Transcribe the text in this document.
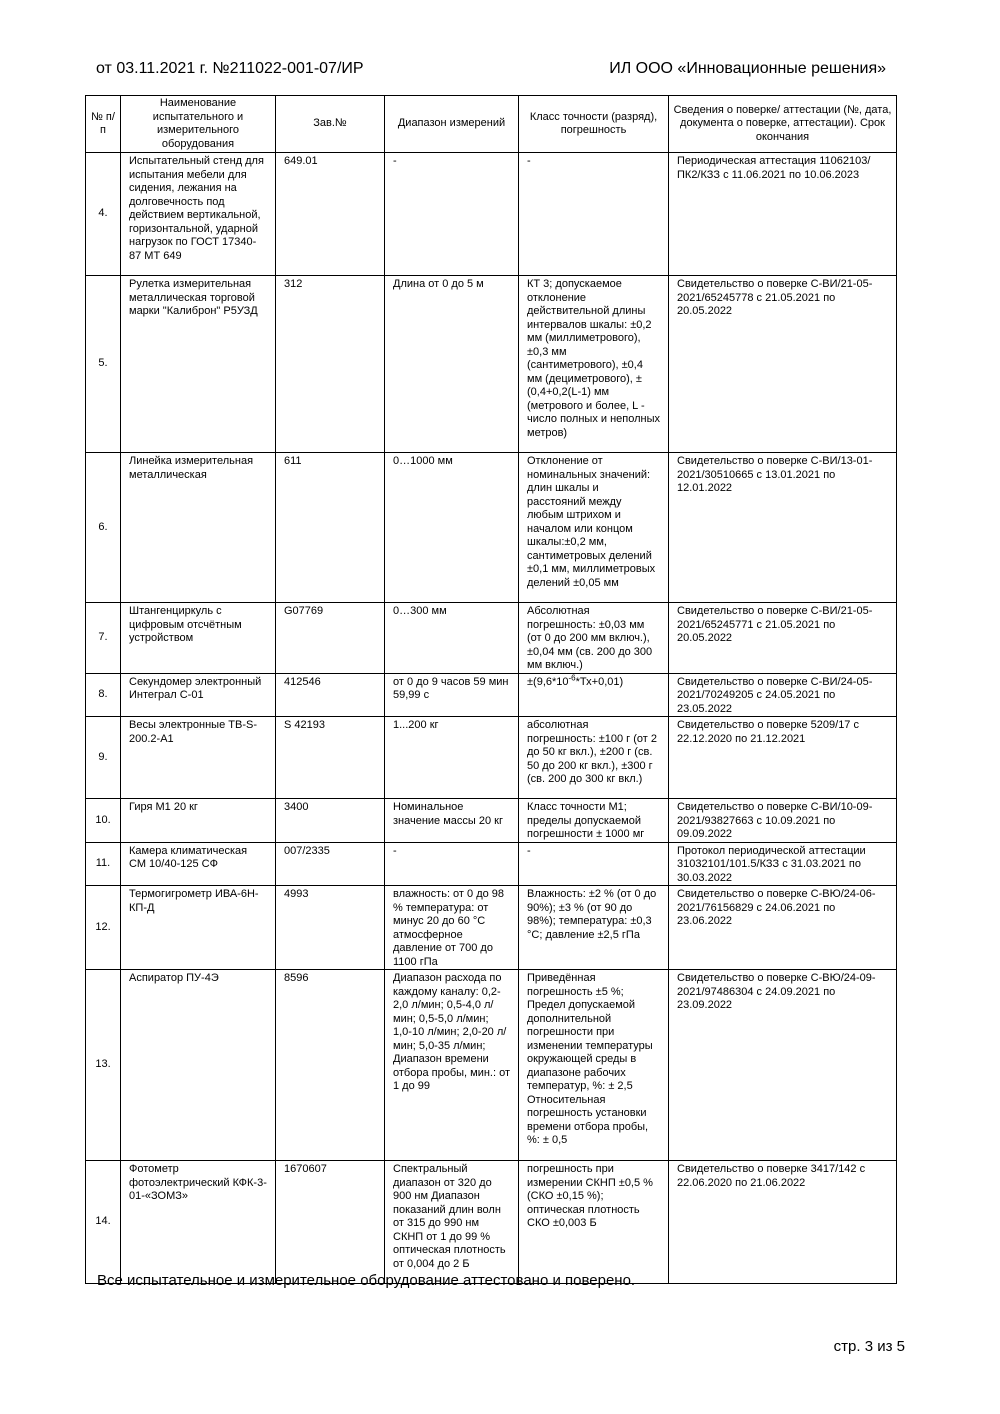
от 03.11.2021 г. №211022-001-07/ИР	ИЛ ООО «Инновационные решения»
№ п/п	Наименование испытательного и измерительного оборудования	Зав.№	Диапазон измерений	Класс точности (разряд), погрешность	Сведения о поверке/ аттестации (№, дата, документа о поверке, аттестации). Срок окончания
4.	Испытательный стенд для испытания мебели для сидения, лежания на долговечность под действием вертикальной, горизонтальной, ударной нагрузок по ГОСТ 17340-87 МТ 649	649.01	-	-	Периодическая аттестация 11062103/ПК2/КЗЗ с 11.06.2021 по 10.06.2023
5.	Рулетка измерительная металлическая торговой марки "Калиброн" Р5УЗД	312	Длина от 0 до 5 м	КТ 3; допускаемое отклонение действительной длины интервалов шкалы: ±0,2 мм (миллиметрового), ±0,3 мм (сантиметрового), ±0,4 мм (дециметрового), ±(0,4+0,2(L-1) мм (метрового и более, L - число полных и неполных метров)	Свидетельство о поверке С-ВИ/21-05-2021/65245778 с 21.05.2021 по 20.05.2022
6.	Линейка измерительная металлическая	611	0…1000 мм	Отклонение от номинальных значений: длин шкалы и расстояний между любым штрихом и началом или концом шкалы:±0,2 мм, сантиметровых делений ±0,1 мм, миллиметровых делений ±0,05 мм	Свидетельство о поверке С-ВИ/13-01-2021/30510665 с 13.01.2021 по 12.01.2022
7.	Штангенциркуль с цифровым отсчётным устройством	G07769	0…300 мм	Абсолютная погрешность: ±0,03 мм (от 0 до 200 мм включ.), ±0,04 мм (св. 200 до 300 мм включ.)	Свидетельство о поверке С-ВИ/21-05-2021/65245771 с 21.05.2021 по 20.05.2022
8.	Секундомер электронный Интеграл С-01	412546	от 0 до 9 часов 59 мин 59,99 с	$\pm(9,6*10^{-6}*Тх+0,01)$	Свидетельство о поверке С-ВИ/24-05-2021/70249205 с 24.05.2021 по 23.05.2022
9.	Весы электронные ТВ-S-200.2-А1	S 42193	1...200 кг	абсолютная погрешность: ±100 г (от 2 до 50 кг вкл.), ±200 г (св. 50 до 200 кг вкл.), ±300 г (св. 200 до 300 кг вкл.)	Свидетельство о поверке 5209/17 с 22.12.2020 по 21.12.2021
10.	Гиря М1 20 кг	3400	Номинальное значение массы 20 кг	Класс точности М1; пределы допускаемой погрешности ± 1000 мг	Свидетельство о поверке С-ВИ/10-09-2021/93827663 с 10.09.2021 по 09.09.2022
11.	Камера климатическая СМ 10/40-125 СФ	007/2335	-	-	Протокол периодической аттестации 31032101/101.5/КЗЗ с 31.03.2021 по 30.03.2022
12.	Термогигрометр ИВА-6Н-КП-Д	4993	влажность: от 0 до 98 % температура: от минус 20 до 60 °С атмосферное давление от 700 до 1100 гПа	Влажность: ±2 % (от 0 до 90%); ±3 % (от 90 до 98%); температура: ±0,3 °С; давление ±2,5 гПа	Свидетельство о поверке С-ВЮ/24-06-2021/76156829 с 24.06.2021 по 23.06.2022
13.	Аспиратор ПУ-4Э	8596	Диапазон расхода по каждому каналу: 0,2-2,0 л/мин; 0,5-4,0 л/мин; 0,5-5,0 л/мин; 1,0-10 л/мин; 2,0-20 л/мин; 5,0-35 л/мин; Диапазон времени отбора пробы, мин.: от 1 до 99	Приведённая погрешность ±5 %; Предел допускаемой дополнительной погрешности при изменении температуры окружающей среды в диапазоне рабочих температур, %: ± 2,5 Относительная погрешность установки времени отбора пробы, %: ± 0,5	Свидетельство о поверке С-ВЮ/24-09-2021/97486304 с 24.09.2021 по 23.09.2022
14.	Фотометр фотоэлектрический КФК-3-01-«ЗОМЗ»	1670607	Спектральный диапазон от 320 до 900 нм Диапазон показаний длин волн от 315 до 990 нм СКНП от 1 до 99 % оптическая плотность от 0,004 до 2 Б	погрешность при измерении СКНП ±0,5 % (СКО ±0,15 %); оптическая плотность СКО ±0,003 Б	Свидетельство о поверке 3417/142 с 22.06.2020 по 21.06.2022
Все испытательное и измерительное оборудование аттестовано и поверено.
стр. 3 из 5
